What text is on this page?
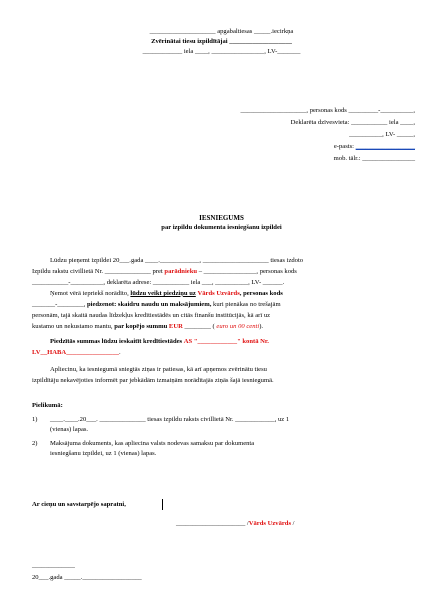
____________________ apgabaltiesas _____.iecirkņa
Zvērinātai tiesu izpildītājai ___________________
____________ iela ____, ________________, LV-_______
____________________, personas kods _________-__________,
Deklarēta dzīvesvieta: ___________ iela ____,
__________, LV- _____,
e-pasts: __________________
mob. tālr.: ________________
IESNIEGUMS
par izpildu dokumenta iesniegšanu izpildei
Lūdzu pieņemt izpildei 20___.gada ____.____________, ____________________ tiesas izdoto
Izpildu rakstu civillietā Nr. ______________ pret parādnieku – ________________, personas kods
___________-__________, deklarēta adrese: ___________ iela ___, __________, LV- ______.
Ņemot vērā iepriekš norādīto, lūdzu veikt piedziņu uz Vārds Uzvārds, personas kods
_______-________, piedzenot: skaidru naudu un maksājumiem, kuri pienākas no trešajām
personām, tajā skaitā naudas līdzekļus kredītiestādēs un citās finanšu institūcijās, kā arī uz
kustamo un nekustamo mantu, par kopējo summu EUR ________ ( euro un 00 centi).
Piedzītās summas lūdzu ieskaitīt kredītiestādes AS "____________" kontā Nr.
LV__HABA________________.
Apliecinu, ka iesniegumā sniegtās ziņas ir patiesas, kā arī apņemos zvērinātu tiesu
izpildītāju nekavējoties informēt par jebkādām izmaiņām norādītajās ziņās šajā iesniegumā.
Pielikumā:
1) ____.____.20___. ______________ tiesas izpildu raksts civillietā Nr. ____________, uz 1
(vienas) lapas.
2) Maksājuma dokuments, kas apliecina valsts nodevas samaksu par dokumenta
iesniegšanu izpildei, uz 1 (vienas) lapas.
Ar cieņu un savstarpējo sapratni,
_____________________ /Vārds Uzvārds /
_____________
20___.gada _____.__________________
